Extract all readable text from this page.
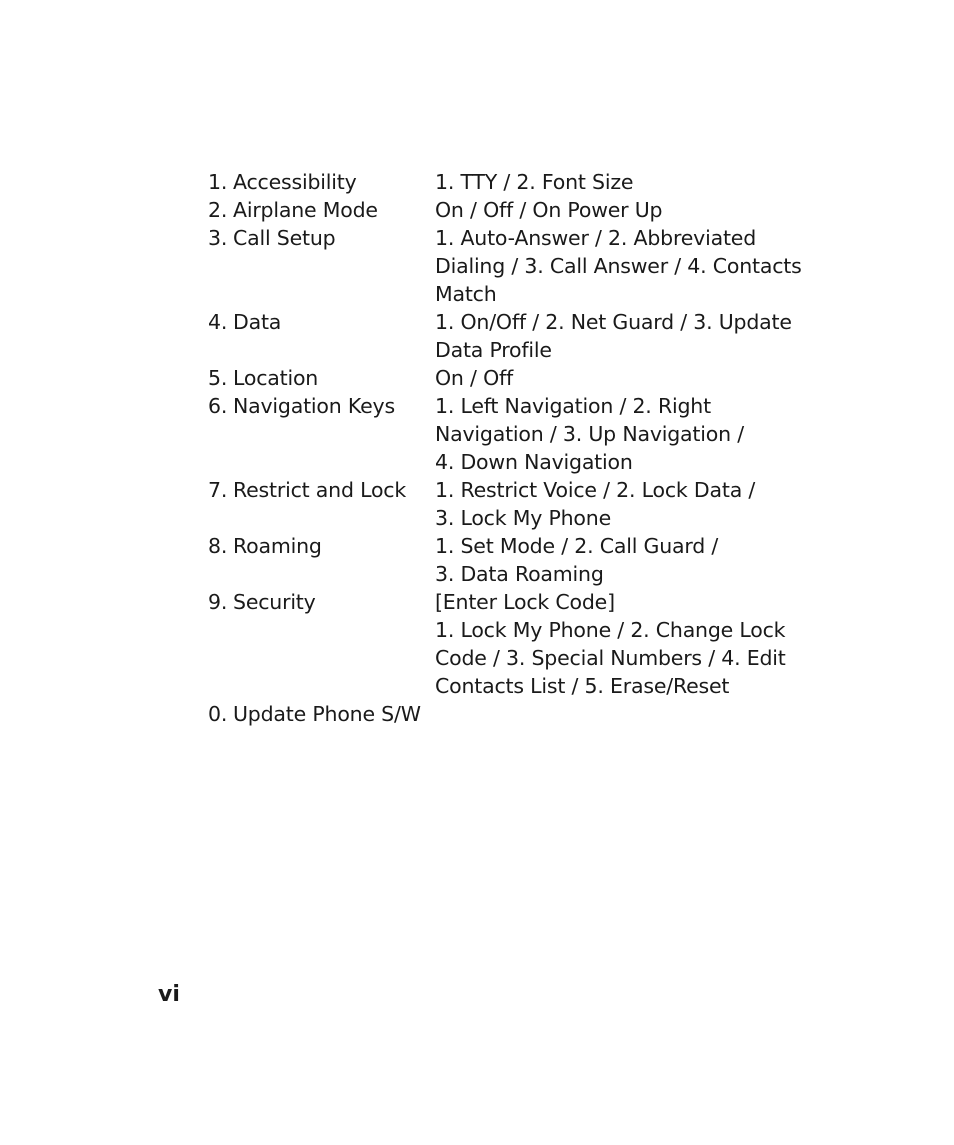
1. Accessibility	1. TTY / 2. Font Size
2. Airplane Mode	On / Off / On Power Up
3. Call Setup	1. Auto-Answer / 2. Abbreviated
Dialing / 3. Call Answer / 4. Contacts
Match
4. Data	1. On/Off / 2. Net Guard / 3. Update
Data Profile
5. Location	On / Off
6. Navigation Keys	1. Left Navigation / 2. Right
Navigation / 3. Up Navigation /
4. Down Navigation
7. Restrict and Lock	1. Restrict Voice / 2. Lock Data /
3. Lock My Phone
8. Roaming	1. Set Mode / 2. Call Guard /
3. Data Roaming
9. Security	[Enter Lock Code]
1. Lock My Phone / 2. Change Lock
Code / 3. Special Numbers / 4. Edit
Contacts List / 5. Erase/Reset
0. Update Phone S/W
vi
